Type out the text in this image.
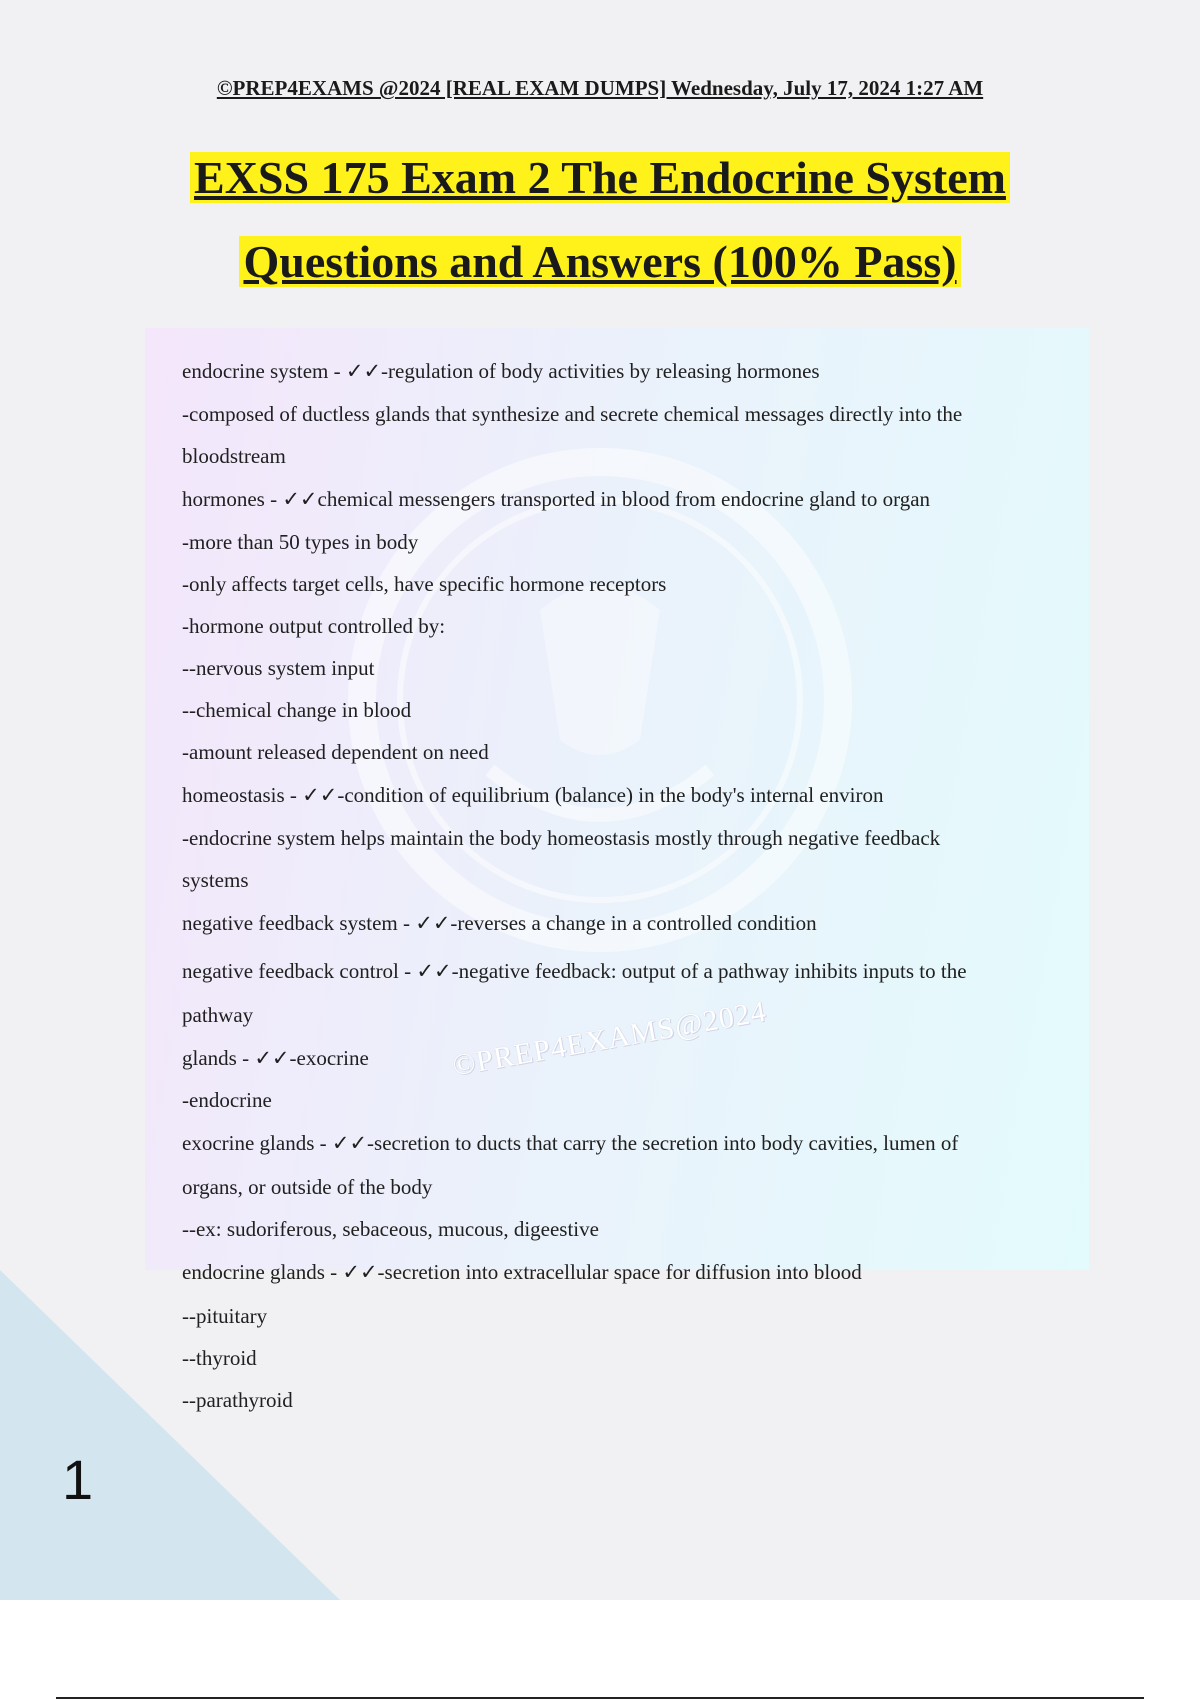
©PREP4EXAMS @2024 [REAL EXAM DUMPS] Wednesday, July 17, 2024 1:27 AM
EXSS 175 Exam 2 The Endocrine System
Questions and Answers (100% Pass)
©PREP4EXAMS@2024
endocrine system - ✓✓-regulation of body activities by releasing hormones
-composed of ductless glands that synthesize and secrete chemical messages directly into the
bloodstream
hormones - ✓✓chemical messengers transported in blood from endocrine gland to organ
-more than 50 types in body
-only affects target cells, have specific hormone receptors
-hormone output controlled by:
--nervous system input
--chemical change in blood
-amount released dependent on need
homeostasis - ✓✓-condition of equilibrium (balance) in the body's internal environ
-endocrine system helps maintain the body homeostasis mostly through negative feedback
systems
negative feedback system - ✓✓-reverses a change in a controlled condition
negative feedback control - ✓✓-negative feedback: output of a pathway inhibits inputs to the
pathway
glands - ✓✓-exocrine
-endocrine
exocrine glands - ✓✓-secretion to ducts that carry the secretion into body cavities, lumen of
organs, or outside of the body
--ex: sudoriferous, sebaceous, mucous, digeestive
endocrine glands - ✓✓-secretion into extracellular space for diffusion into blood
--pituitary
--thyroid
--parathyroid
1
